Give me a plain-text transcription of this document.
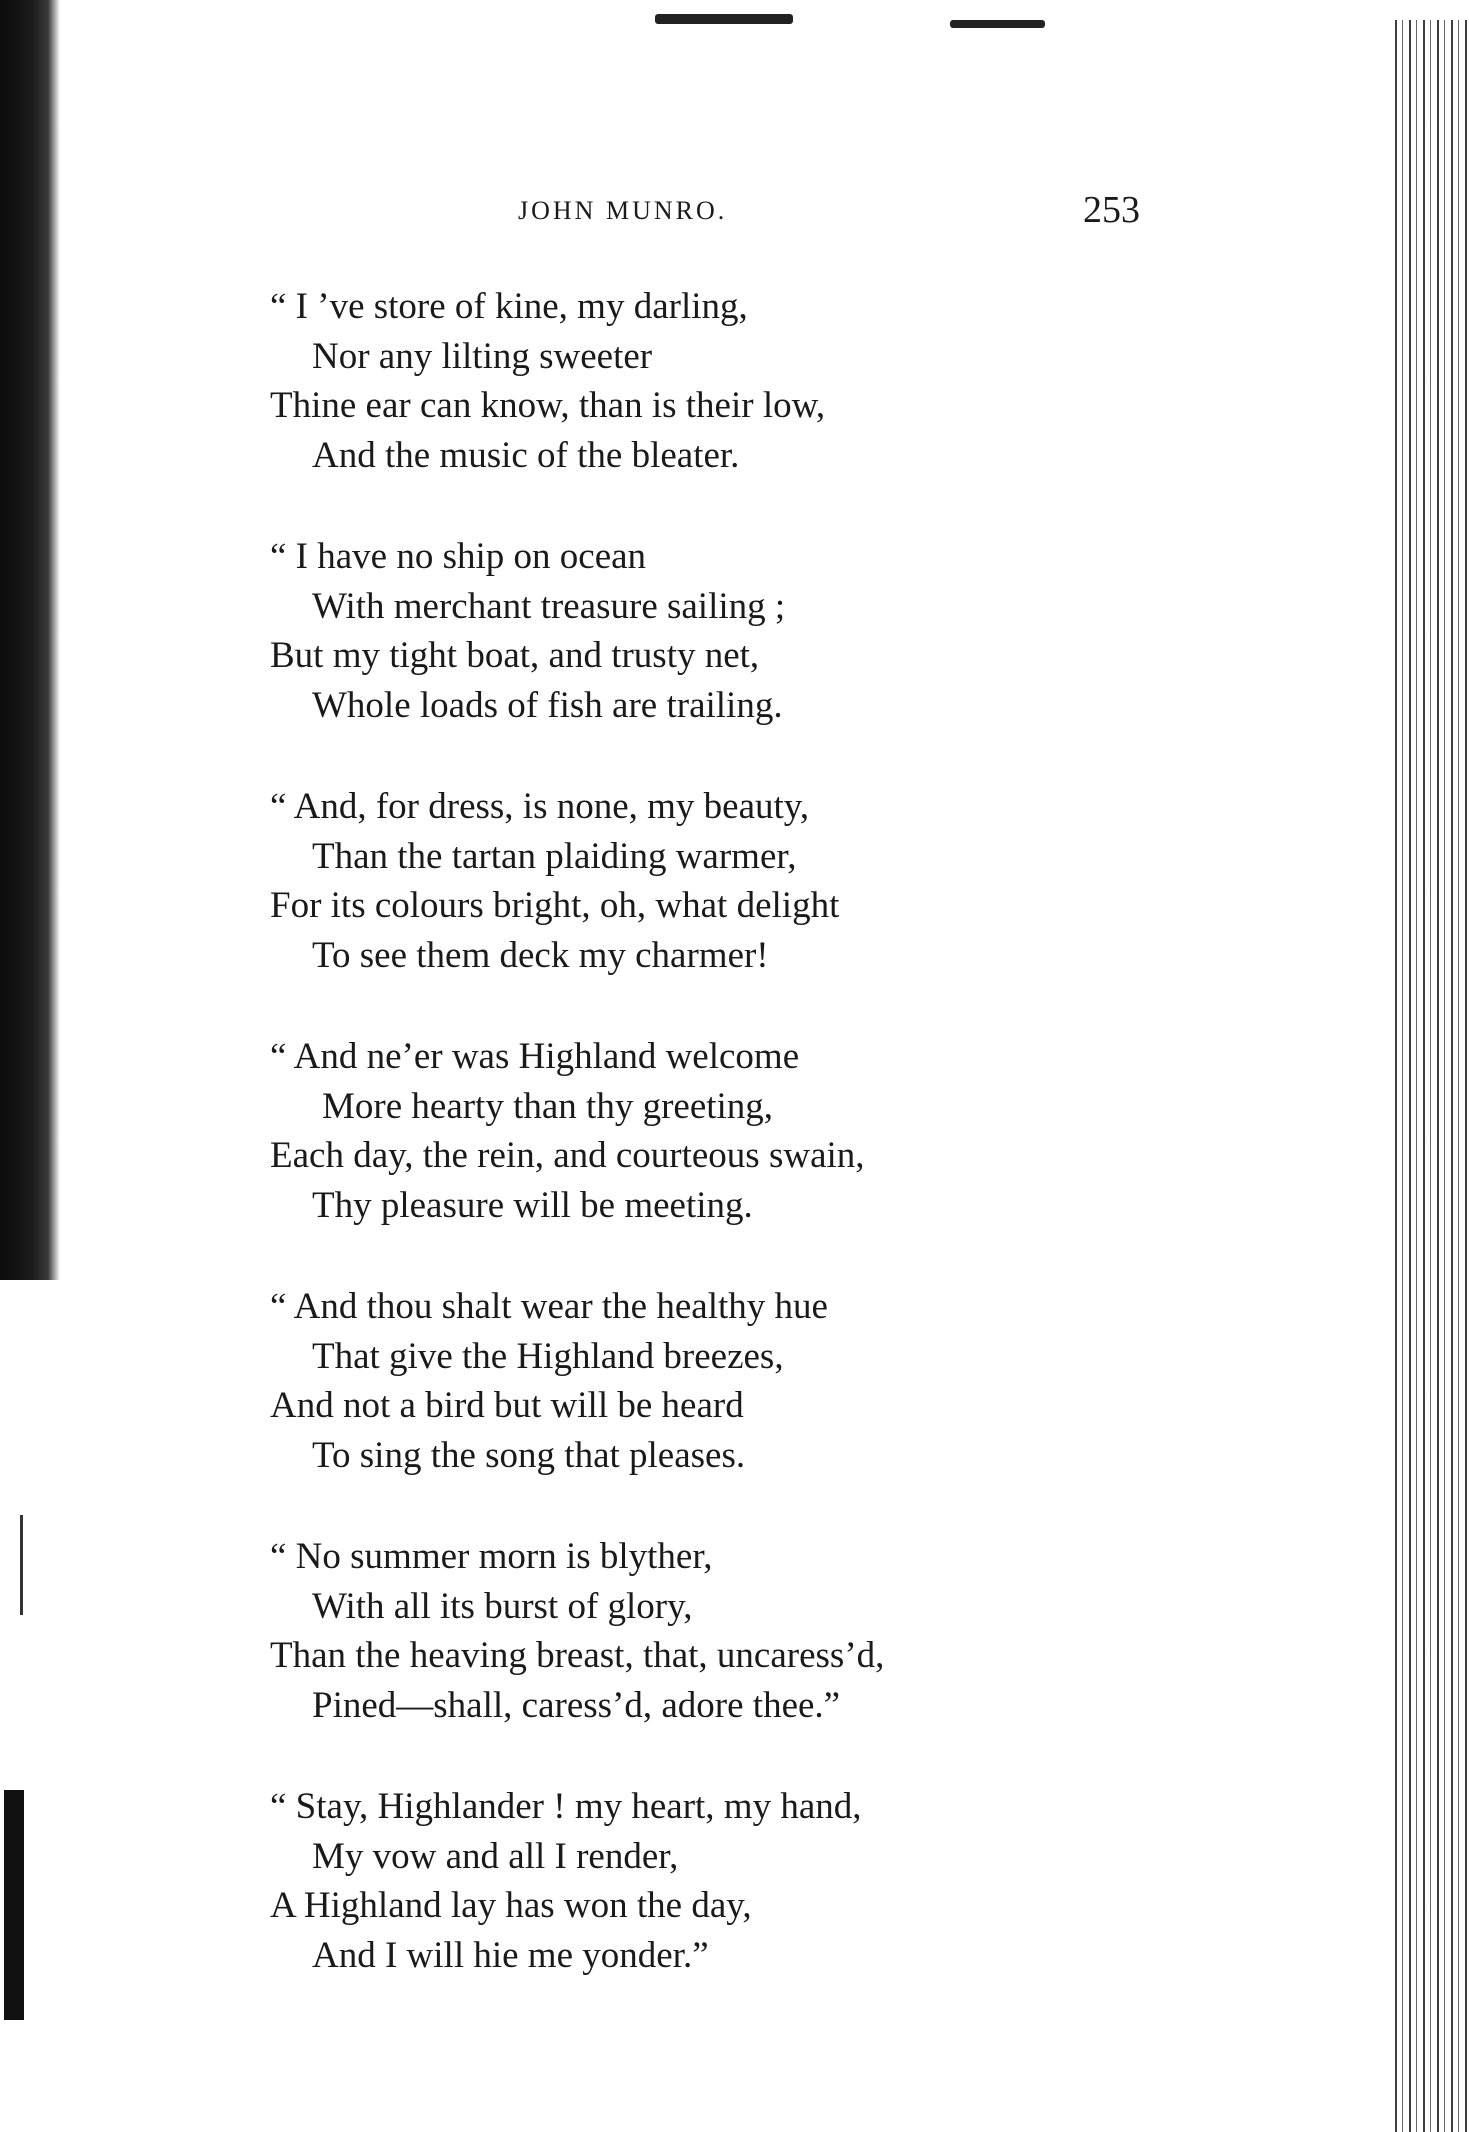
JOHN MUNRO.	253
“ I ’ve store of kine, my darling,
Nor any lilting sweeter
Thine ear can know, than is their low,
And the music of the bleater.
“ I have no ship on ocean
With merchant treasure sailing ;
But my tight boat, and trusty net,
Whole loads of fish are trailing.
“ And, for dress, is none, my beauty,
Than the tartan plaiding warmer,
For its colours bright, oh, what delight
To see them deck my charmer!
“ And ne’er was Highland welcome
More hearty than thy greeting,
Each day, the rein, and courteous swain,
Thy pleasure will be meeting.
“ And thou shalt wear the healthy hue
That give the Highland breezes,
And not a bird but will be heard
To sing the song that pleases.
“ No summer morn is blyther,
With all its burst of glory,
Than the heaving breast, that, uncaress’d,
Pined—shall, caress’d, adore thee.”
“ Stay, Highlander ! my heart, my hand,
My vow and all I render,
A Highland lay has won the day,
And I will hie me yonder.”
